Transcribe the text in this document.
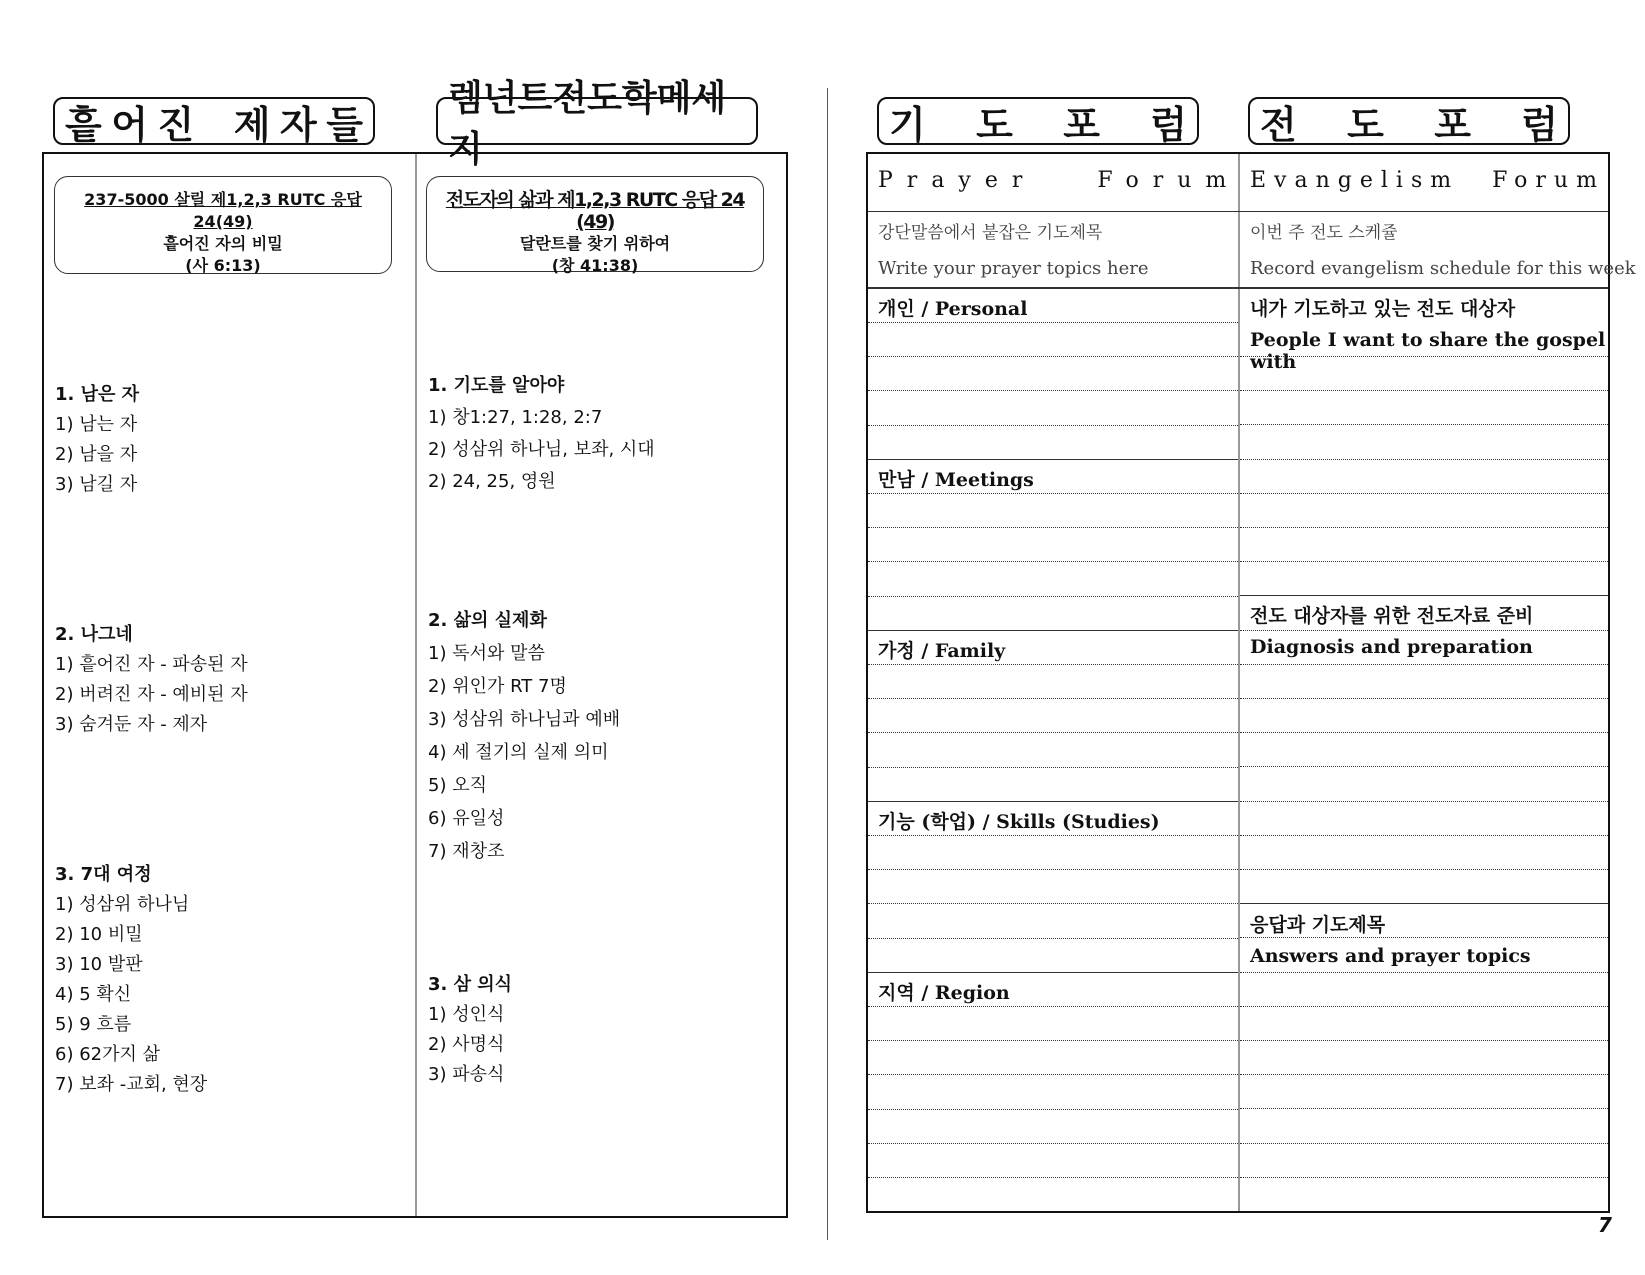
흩 어 진 제 자 들
렘넌트전도학메세지
237-5000 살릴 제1,2,3 RUTC 응답 24(49)
흩어진 자의 비밀
(사 6:13)
전도자의 삶과 제1,2,3 RUTC 응답 24 (49)
달란트를 찾기 위하여
(창 41:38)
1. 남은 자
1) 남는 자
2) 남을 자
3) 남길 자
2. 나그네
1) 흩어진 자 - 파송된 자
2) 버려진 자 - 예비된 자
3) 숨겨둔 자 - 제자
3. 7대 여정
1) 성삼위 하나님
2) 10 비밀
3) 10 발판
4) 5 확신
5) 9 흐름
6) 62가지 삶
7) 보좌 -교회, 현장
1. 기도를 알아야
1) 창1:27, 1:28, 2:7
2) 성삼위 하나님, 보좌, 시대
2) 24, 25, 영원
2. 삶의 실제화
1) 독서와 말씀
2) 위인가 RT 7명
3) 성삼위 하나님과 예배
4) 세 절기의 실제 의미
5) 오직
6) 유일성
7) 재창조
3. 삼 의식
1) 성인식
2) 사명식
3) 파송식
기 도 포 럼 전 도 포 럼
Prayer Forum Evangelism Forum
강단말씀에서 붙잡은 기도제목
Write your prayer topics here
이번 주 전도 스케쥴
Record evangelism schedule for this week
개인 / Personal
만남 / Meetings
가정 / Family
기능 (학업) / Skills (Studies)
지역 / Region
내가 기도하고 있는 전도 대상자
People I want to share the gospel with
전도 대상자를 위한 전도자료 준비
Diagnosis and preparation
응답과 기도제목
Answers and prayer topics
7
